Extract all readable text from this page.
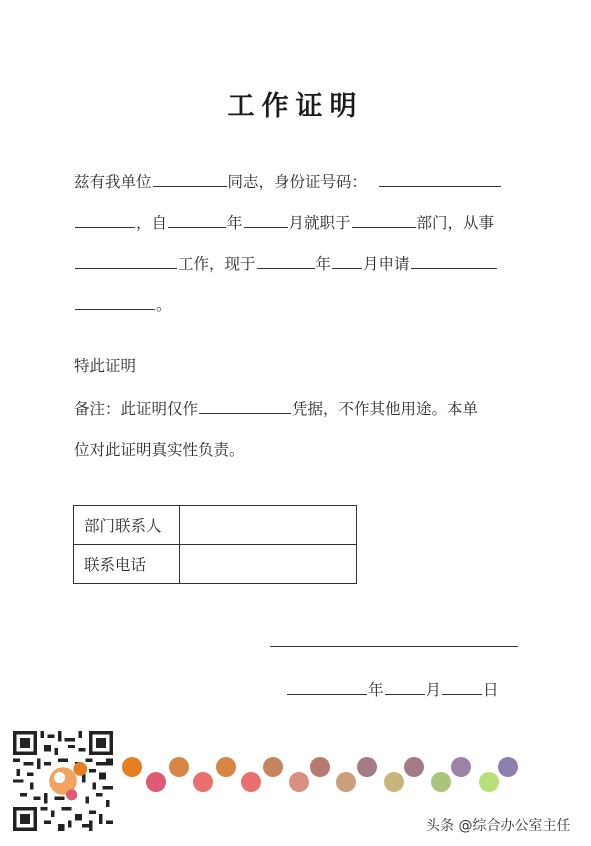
工作证明
兹有我单位	同志，身份证号码：
，自	年	月就职于	部门，从事
工作，现于	年 月申请
。
特此证明
备注：此证明仅作	凭据，不作其他用途。本单
位对此证明真实性负责。
部门联系人	
联系电话	
年	月	日
头条 @综合办公室主任
